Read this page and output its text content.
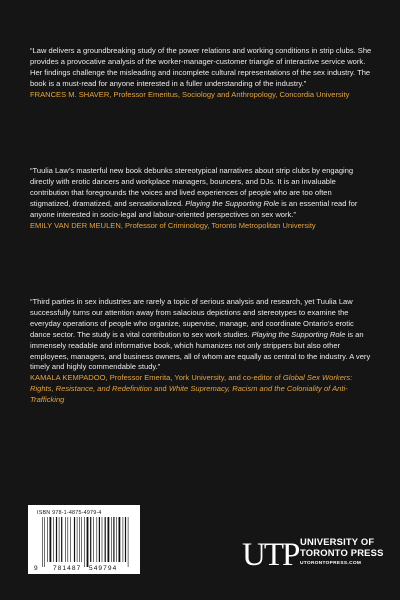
“Law delivers a groundbreaking study of the power relations and working conditions in strip clubs. She provides a provocative analysis of the worker-manager-customer triangle of interactive service work. Her findings challenge the misleading and incomplete cultural representations of the sex industry. The book is a must-read for anyone interested in a fuller understanding of the industry.”

FRANCES M. SHAVER, Professor Emeritus, Sociology and Anthropology, Concordia University

“Tuulia Law’s masterful new book debunks stereotypical narratives about strip clubs by engaging directly with erotic dancers and workplace managers, bouncers, and DJs. It is an invaluable contribution that foregrounds the voices and lived experiences of people who are too often stigmatized, dramatized, and sensationalized. Playing the Supporting Role is an essential read for anyone interested in socio-legal and labour-oriented perspectives on sex work.”

EMILY VAN DER MEULEN, Professor of Criminology, Toronto Metropolitan University

“Third parties in sex industries are rarely a topic of serious analysis and research, yet Tuulia Law successfully turns our attention away from salacious depictions and stereotypes to examine the everyday operations of people who organize, supervise, manage, and coordinate Ontario’s erotic dance sector. The study is a vital contribution to sex work studies. Playing the Supporting Role is an immensely readable and informative book, which humanizes not only strippers but also other employees, managers, and business owners, all of whom are equally as central to the industry. A very timely and highly commendable study.”

KAMALA KEMPADOO, Professor Emerita, York University, and co-editor of Global Sex Workers: Rights, Resistance, and Redefinition and White Supremacy, Racism and the Coloniality of Anti-Trafficking

ISBN 978-1-4875-4979-4
9 781487 549794	UTP UNIVERSITY OF
TORONTO PRESS
UTORONTOPRESS.COM
